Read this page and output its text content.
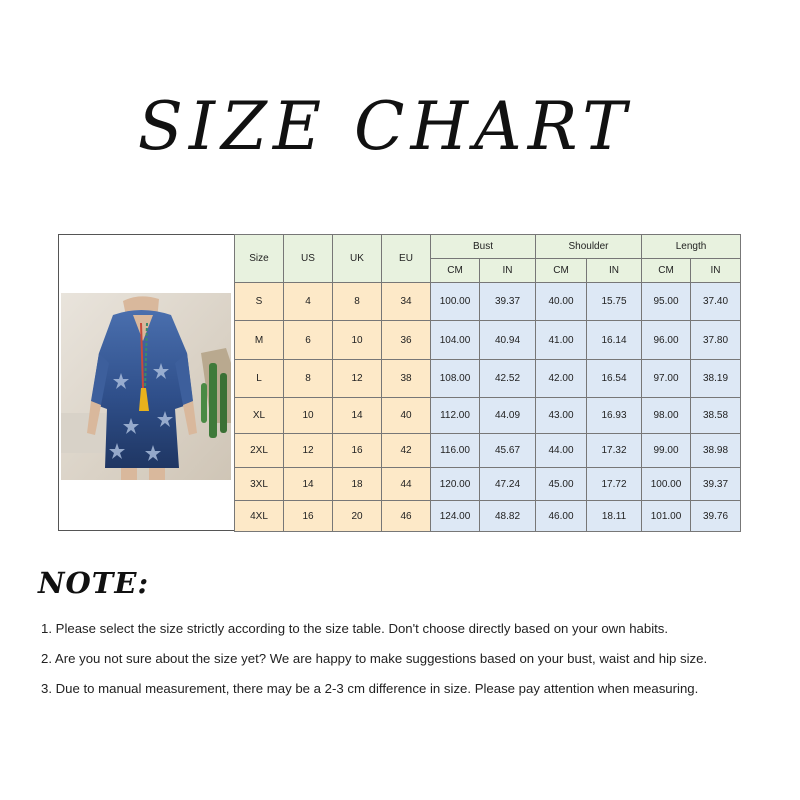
SIZE CHART
Size	US	UK	EU	Bust		Shoulder		Length	
				CM	IN	CM	IN	CM	IN
S	4	8	34	100.00	39.37	40.00	15.75	95.00	37.40
M	6	10	36	104.00	40.94	41.00	16.14	96.00	37.80
L	8	12	38	108.00	42.52	42.00	16.54	97.00	38.19
XL	10	14	40	112.00	44.09	43.00	16.93	98.00	38.58
2XL	12	16	42	116.00	45.67	44.00	17.32	99.00	38.98
3XL	14	18	44	120.00	47.24	45.00	17.72	100.00	39.37
4XL	16	20	46	124.00	48.82	46.00	18.11	101.00	39.76
NOTE:
1. Please select the size strictly according to the size table. Don't choose directly based on your own habits.
2. Are you not sure about the size yet? We are happy to make suggestions based on your bust, waist and hip size.
3. Due to manual measurement, there may be a 2-3 cm difference in size. Please pay attention when measuring.
